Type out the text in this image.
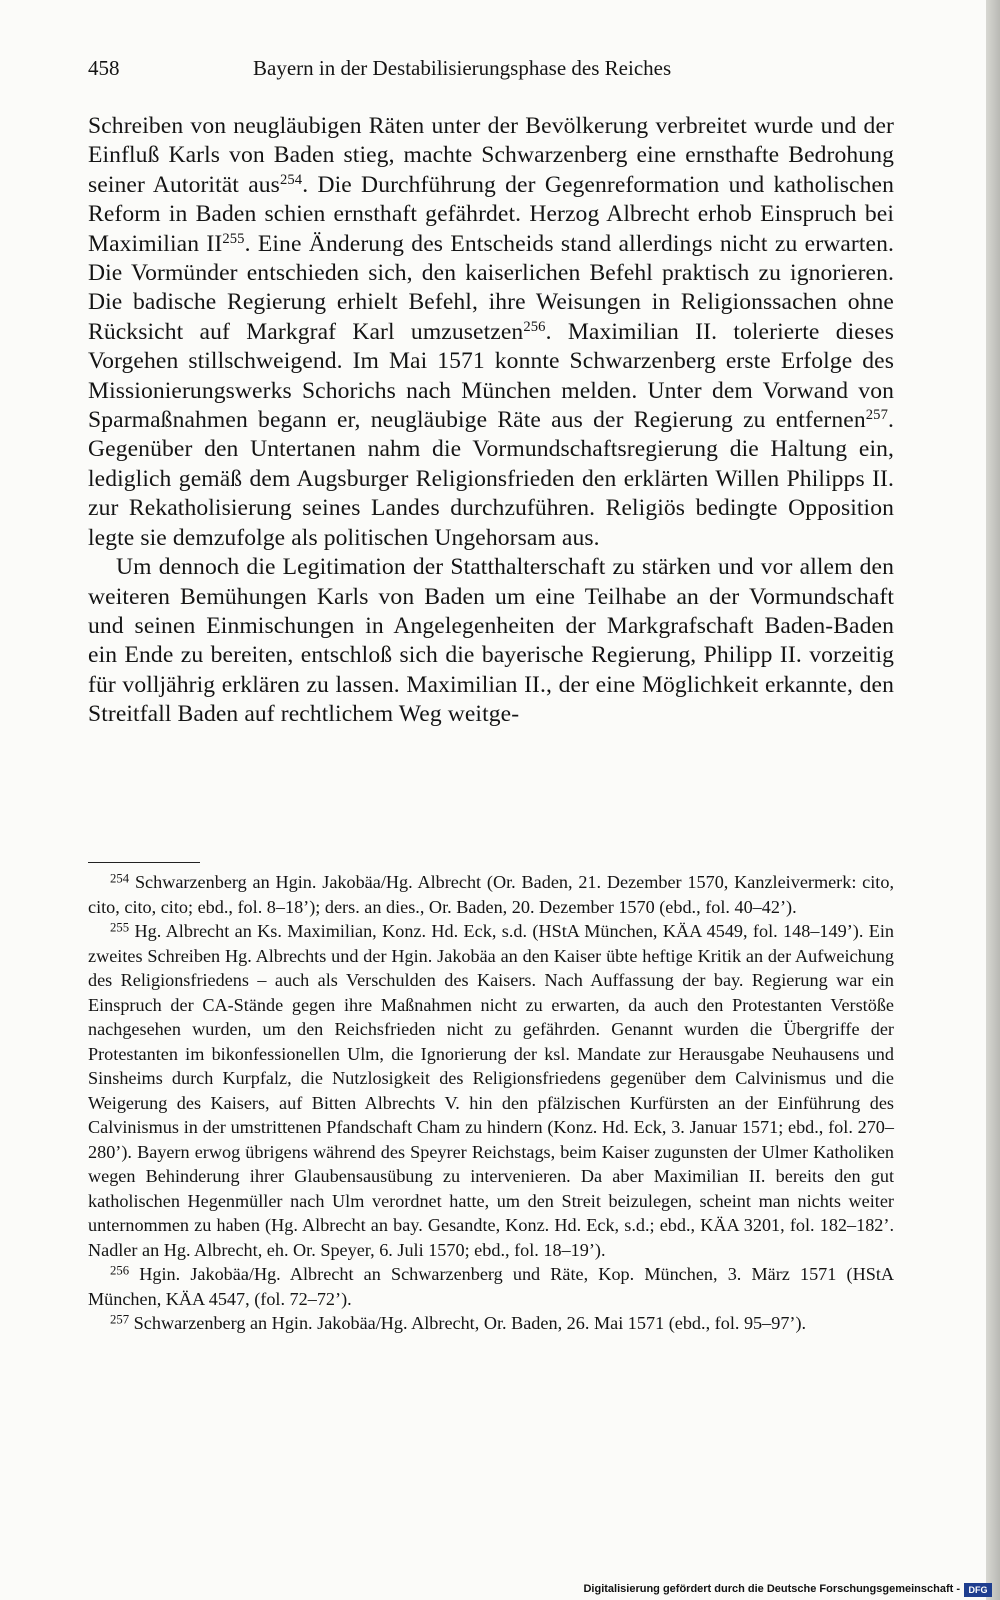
458	Bayern in der Destabilisierungsphase des Reiches

Schreiben von neugläubigen Räten unter der Bevölkerung verbreitet wurde und der Einfluß Karls von Baden stieg, machte Schwarzenberg eine ernsthafte Bedrohung seiner Autorität aus$^{254}$. Die Durchführung der Gegenreformation und katholischen Reform in Baden schien ernsthaft gefährdet. Herzog Albrecht erhob Einspruch bei Maximilian II$^{255}$. Eine Änderung des Entscheids stand allerdings nicht zu erwarten. Die Vormünder entschieden sich, den kaiserlichen Befehl praktisch zu ignorieren. Die badische Regierung erhielt Befehl, ihre Weisungen in Religionssachen ohne Rücksicht auf Markgraf Karl umzusetzen$^{256}$. Maximilian II. tolerierte dieses Vorgehen stillschweigend. Im Mai 1571 konnte Schwarzenberg erste Erfolge des Missionierungswerks Schorichs nach München melden. Unter dem Vorwand von Sparmaßnahmen begann er, neugläubige Räte aus der Regierung zu entfernen$^{257}$. Gegenüber den Untertanen nahm die Vormundschaftsregierung die Haltung ein, lediglich gemäß dem Augsburger Religionsfrieden den erklärten Willen Philipps II. zur Rekatholisierung seines Landes durchzuführen. Religiös bedingte Opposition legte sie demzufolge als politischen Ungehorsam aus.

Um dennoch die Legitimation der Statthalterschaft zu stärken und vor allem den weiteren Bemühungen Karls von Baden um eine Teilhabe an der Vormundschaft und seinen Einmischungen in Angelegenheiten der Markgrafschaft Baden-Baden ein Ende zu bereiten, entschloß sich die bayerische Regierung, Philipp II. vorzeitig für volljährig erklären zu lassen. Maximilian II., der eine Möglichkeit erkannte, den Streitfall Baden auf rechtlichem Weg weitge-

$^{254}$ Schwarzenberg an Hgin. Jakobäa/Hg. Albrecht (Or. Baden, 21. Dezember 1570, Kanzleivermerk: cito, cito, cito, cito; ebd., fol. 8–18’); ders. an dies., Or. Baden, 20. Dezember 1570 (ebd., fol. 40–42’).

$^{255}$ Hg. Albrecht an Ks. Maximilian, Konz. Hd. Eck, s.d. (HStA München, KÄA 4549, fol. 148–149’). Ein zweites Schreiben Hg. Albrechts und der Hgin. Jakobäa an den Kaiser übte heftige Kritik an der Aufweichung des Religionsfriedens – auch als Verschulden des Kaisers. Nach Auffassung der bay. Regierung war ein Einspruch der CA-Stände gegen ihre Maßnahmen nicht zu erwarten, da auch den Protestanten Verstöße nachgesehen wurden, um den Reichsfrieden nicht zu gefährden. Genannt wurden die Übergriffe der Protestanten im bikonfessionellen Ulm, die Ignorierung der ksl. Mandate zur Herausgabe Neuhausens und Sinsheims durch Kurpfalz, die Nutzlosigkeit des Religionsfriedens gegenüber dem Calvinismus und die Weigerung des Kaisers, auf Bitten Albrechts V. hin den pfälzischen Kurfürsten an der Einführung des Calvinismus in der umstrittenen Pfandschaft Cham zu hindern (Konz. Hd. Eck, 3. Januar 1571; ebd., fol. 270–280’). Bayern erwog übrigens während des Speyrer Reichstags, beim Kaiser zugunsten der Ulmer Katholiken wegen Behinderung ihrer Glaubensausübung zu intervenieren. Da aber Maximilian II. bereits den gut katholischen Hegenmüller nach Ulm verordnet hatte, um den Streit beizulegen, scheint man nichts weiter unternommen zu haben (Hg. Albrecht an bay. Gesandte, Konz. Hd. Eck, s.d.; ebd., KÄA 3201, fol. 182–182’. Nadler an Hg. Albrecht, eh. Or. Speyer, 6. Juli 1570; ebd., fol. 18–19’).

$^{256}$ Hgin. Jakobäa/Hg. Albrecht an Schwarzenberg und Räte, Kop. München, 3. März 1571 (HStA München, KÄA 4547, (fol. 72–72’).

$^{257}$ Schwarzenberg an Hgin. Jakobäa/Hg. Albrecht, Or. Baden, 26. Mai 1571 (ebd., fol. 95–97’).

Digitalisierung gefördert durch die Deutsche Forschungsgemeinschaft - DFG
